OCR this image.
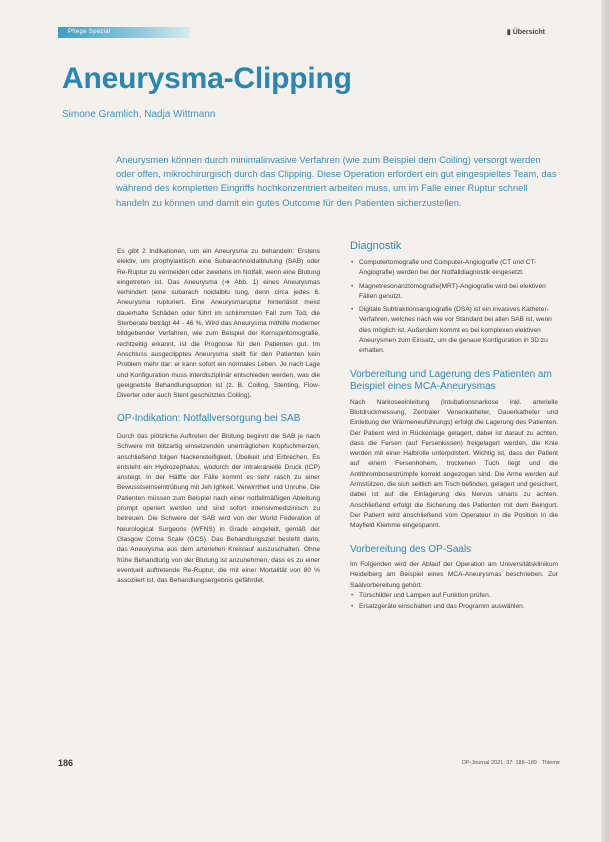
Pflege Spezial	▮ Übersicht
Aneurysma-Clipping
Simone Gramlich, Nadja Wittmann
Aneurysmen können durch minimalinvasive Verfahren (wie zum Beispiel dem Coiling) versorgt werden oder offen, mikrochirurgisch durch das Clipping. Diese Operation erfordert ein gut eingespieltes Team, das während des kompletten Eingriffs hochkonzentriert arbeiten muss, um im Falle einer Ruptur schnell handeln zu können und damit ein gutes Outcome für den Patienten sicherzustellen.

Es gibt 2 Indikationen, um ein Aneurysma zu behandeln: Erstens elektiv, um prophylaktisch eine Subarachnoidalblutung (SAB) oder Re-Ruptur zu vermeiden oder zweitens im Notfall, wenn eine Blutung eingetreten ist. Das Aneurysma (➔ Abb. 1) eines Aneurysmas verhindert (eine subarach noidalblu tung, denn circa jedes 6. Aneurysma rupturiert. Eine Aneurysmaruptur hinterlässt meist dauerhafte Schäden oder führt im schlimmsten Fall zum Tod, die Sterberate beträgt 44 - 46 %. Wird das Aneurysma mithilfe moderner bildgebender Verfahren, wie zum Beispiel der Kernspintomografie, rechtzeitig erkannt, ist die Prognose für den Patienten gut. Im Anschluss ausgeclipptes Aneurysma stellt für den Patienten kein Problem mehr dar: er kann sofort ein normales Leben. Je nach Lage und Konfiguration muss interdisziplinär entschieden werden, was die geeignetste Behandlungsoption ist (z. B. Coiling, Stenting, Flow-Diverter oder auch Stent geschütztes Coiling).

OP-Indikation: Notfallversorgung bei SAB

Durch das plötzliche Auftreten der Blutung beginnt die SAB je nach Schwere mit blitzartig einsetzenden unerträglichen Kopfschmerzen, anschließend folgen Nackensteifigkeit, Übelkeit und Erbrechen. Es entsteht ein Hydrozephalus, wodurch der intrakranielle Druck (ICP) ansteigt. In der Hälfte der Fälle kommt es sehr rasch zu einer Bewusstseinseintrübung mit Jeh Ighkeit. Verwirrtheit und Unruhe. Die Patienten müssen zum Beispiel nach einer notfallmäßigen Ableitung prompt operiert werden und sind sofort intensivmedizinisch zu betreuen. Die Schwere der SAB wird von der World Federation of Neurological Surgeons (WFNS) in Grade eingeteilt, gemäß der Glasgow Coma Scale (GCS). Das Behandlungsziel besteht darin, das Aneurysma aus dem arteriellen Kreislauf auszuschalten. Ohne frühe Behandlung von der Blutung ist anzunehmen, dass es zu einer eventuell auftretende Re-Ruptur, die mit einer Mortalität von 80 % assoziiert ist, das Behandlungsergebnis gefährdet.

Diagnostik
• Computertomografie und Computer-Angiografie (CT und CT-Angiografie) werden bei der Notfalldiagnostik eingesetzt.
• Magnetresonanztomografie(MRT)-Angiografie wird bei elektiven Fällen genutzt.
• Digitale Subtraktionsangiografie (DSA) ist ein invasives Katheter-Verfahren, welches nach wie vor Standard bei allen SAB ist, wenn dies möglich ist. Außerdem kommt es bei komplexen elektiven Aneurysmen zum Einsatz, um die genaue Konfiguration in 3D zu erhalten.
Vorbereitung und Lagerung des Patienten am Beispiel eines MCA-Aneurysmas

Nach Narkoseeinleitung (Intubationsnarkose inkl. arterielle Blutdruckmessung, Zentraler Venenkatheter, Dauerkatheter und Einleitung der Wärmeneuführungs) erfolgt die Lagerung des Patienten. Der Patient wird in Rückenlage gelagert, dabei ist darauf zu achten, dass die Fersen (auf Fersenkissen) freigelagert werden, die Knie werden mit einer Halbrolle unterpolstert. Wichtig ist, dass der Patient auf einem Fersenhohem, trockenen Tuch liegt und die Antithrombosestrümpfe korrekt angezogen sind. Die Arme werden auf Armstützen, die sich seitlich am Tisch befinden, gelagert und gesichert, dabei ist auf die Einlagerung des Nervus ulnaris zu achten. Anschließend erfolgt die Sicherung des Patienten mit dem Beingurt. Der Patient wird anschließend vom Operateur in die Position in die Mayfield Klemme eingespannt.

Vorbereitung des OP-Saals

Im Folgenden wird der Ablauf der Operation am Universitätsklinikum Heidelberg am Beispiel eines MCA-Aneurysmas beschrieben. Zur Saalvorbereitung gehört:

• Türschilder und Lampen auf Funktion prüfen.
• Ersatzgeräte einschalten und das Programm auswählen.
186	OP-Journal 2021; 37: 186–189 · Thieme
